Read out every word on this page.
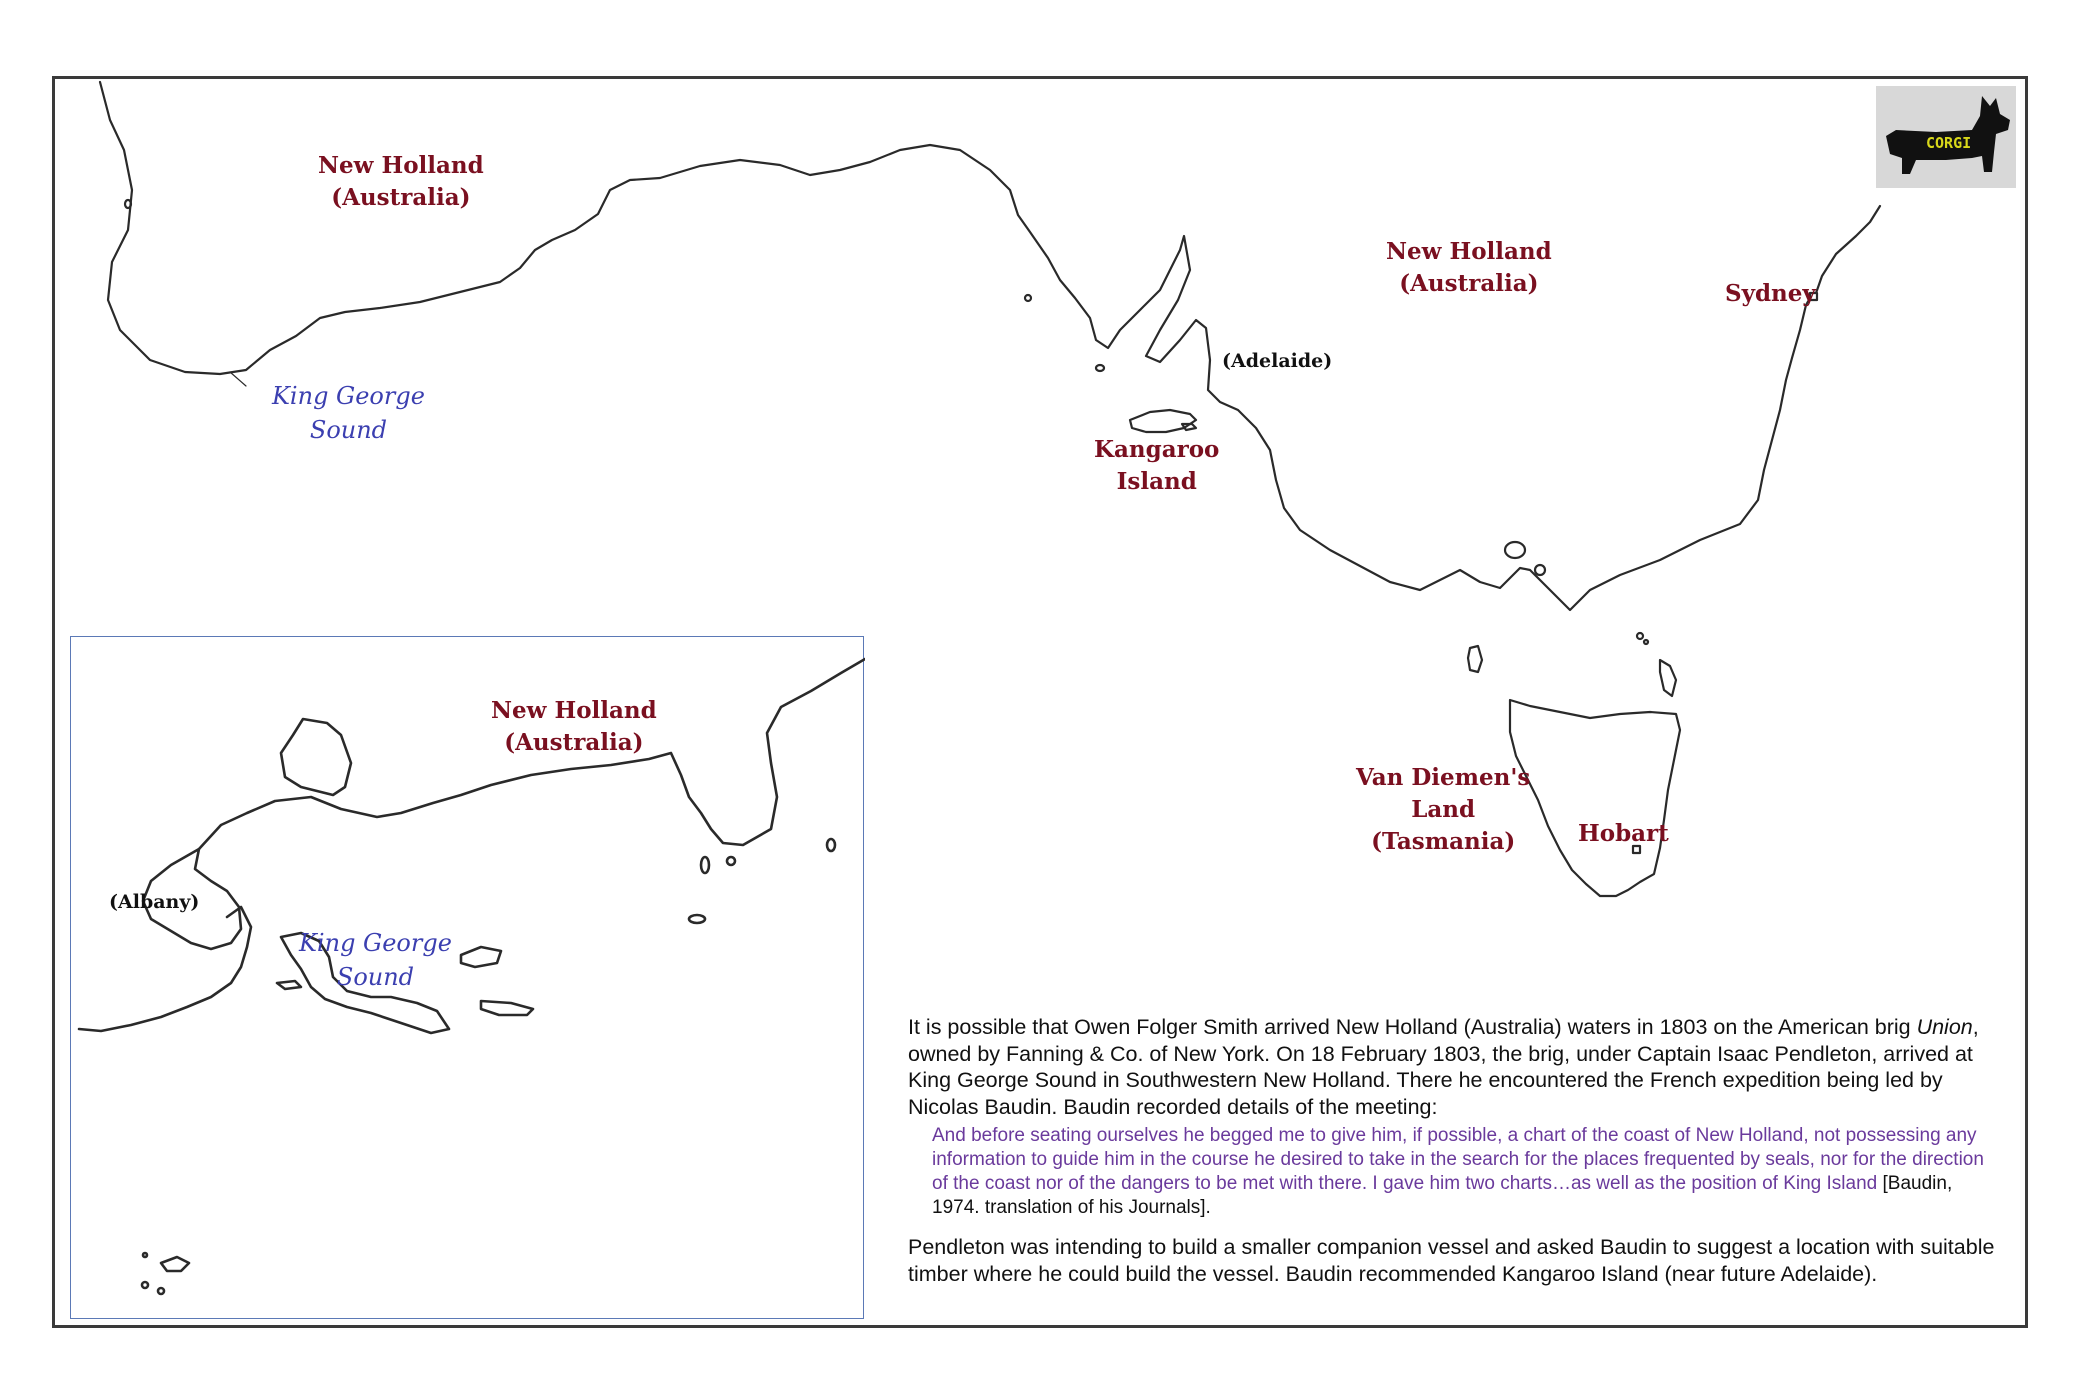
New Holland
(Australia)
(Albany)
King George
Sound
New Holland
(Australia)
New Holland
(Australia)
King George
Sound
(Adelaide)
Kangaroo
Island
Sydney
Van Diemen's
Land
(Tasmania)	Hobart
CORGI

It is possible that Owen Folger Smith arrived New Holland (Australia) waters in 1803 on the American brig Union, owned by Fanning & Co. of New York. On 18 February 1803, the brig, under Captain Isaac Pendleton, arrived at King George Sound in Southwestern New Holland. There he encountered the French expedition being led by Nicolas Baudin. Baudin recorded details of the meeting:

And before seating ourselves he begged me to give him, if possible, a chart of the coast of New Holland, not possessing any information to guide him in the course he desired to take in the search for the places frequented by seals, nor for the direction of the coast nor of the dangers to be met with there. I gave him two charts…as well as the position of King Island [Baudin, 1974. translation of his Journals].

Pendleton was intending to build a smaller companion vessel and asked Baudin to suggest a location with suitable timber where he could build the vessel. Baudin recommended Kangaroo Island (near future Adelaide).
